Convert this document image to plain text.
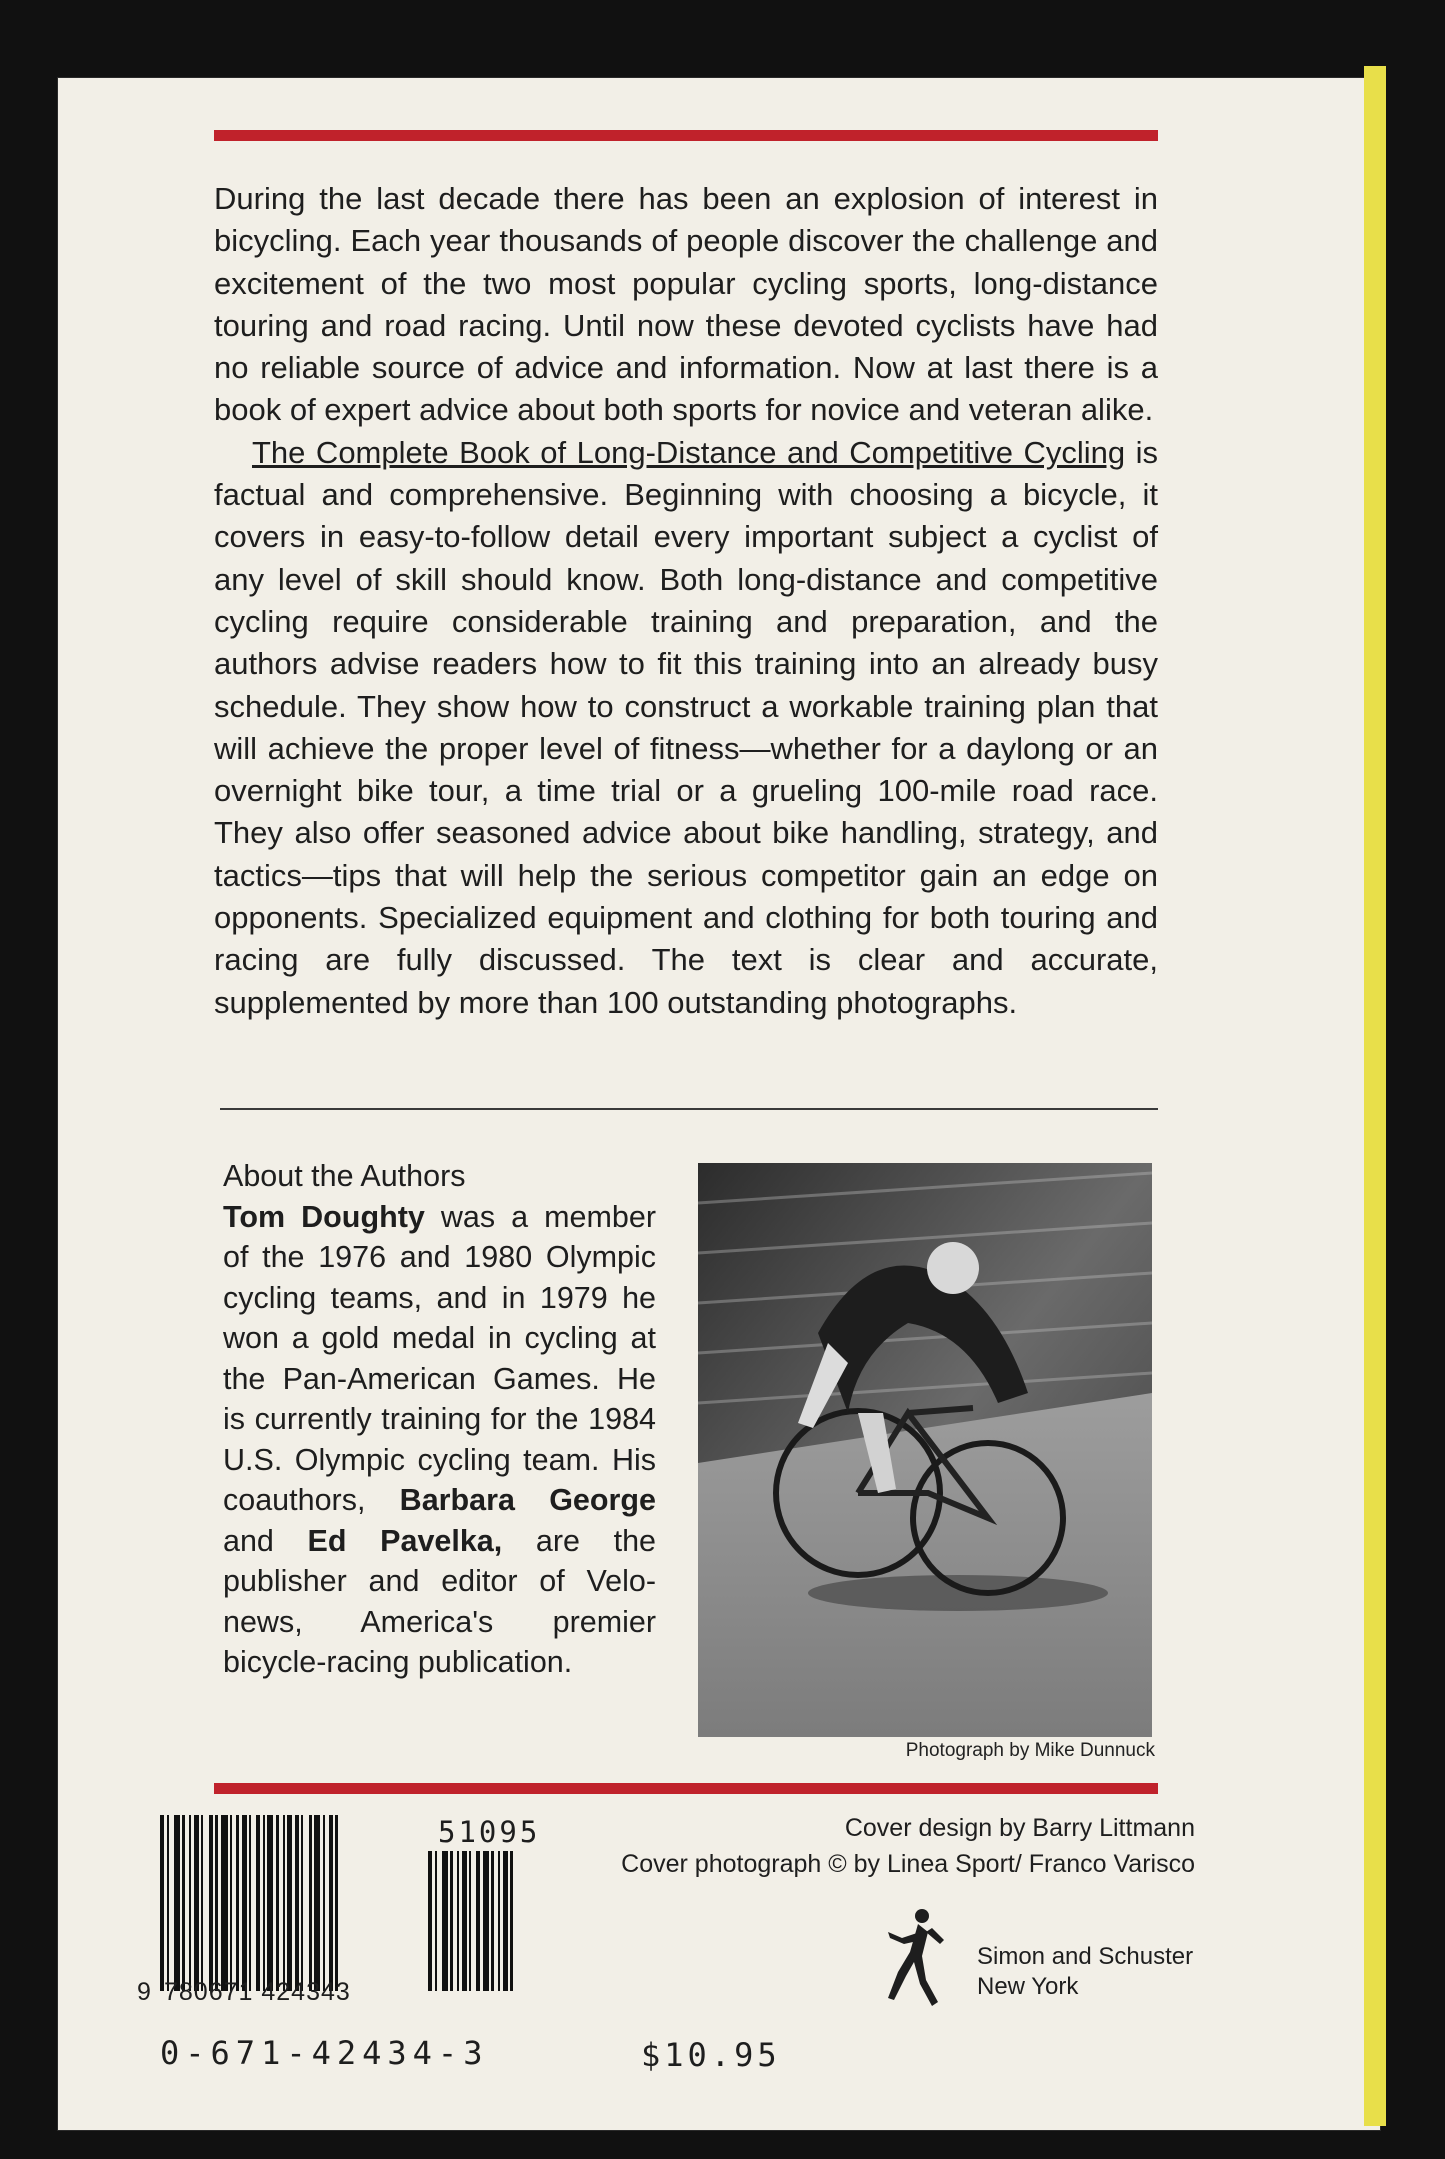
During the last decade there has been an explosion of interest in bicycling. Each year thousands of people discover the challenge and excitement of the two most popular cycling sports, long-distance touring and road racing. Until now these devoted cyclists have had no reliable source of advice and information. Now at last there is a book of expert advice about both sports for novice and veteran alike.

The Complete Book of Long-Distance and Competitive Cycling is factual and comprehensive. Beginning with choosing a bicycle, it covers in easy-to-follow detail every important subject a cyclist of any level of skill should know. Both long-distance and competitive cycling require considerable training and preparation, and the authors advise readers how to fit this training into an already busy schedule. They show how to construct a workable training plan that will achieve the proper level of fitness—whether for a daylong or an overnight bike tour, a time trial or a grueling 100-mile road race. They also offer seasoned advice about bike handling, strategy, and tactics—tips that will help the serious competitor gain an edge on opponents. Specialized equipment and clothing for both touring and racing are fully discussed. The text is clear and accurate, supplemented by more than 100 outstanding photographs.

About the Authors
Tom Doughty was a member of the 1976 and 1980 Olympic cycling teams, and in 1979 he won a gold medal in cycling at the Pan-American Games. He is currently training for the 1984 U.S. Olympic cycling team. His coauthors, Barbara George and Ed Pavelka, are the publisher and editor of Velo-news, America's premier bicycle-racing publication.
Photograph by Mike Dunnuck
51095
9 780671 424343
0-671-42434-3	$10.95
Cover design by Barry Littmann
Cover photograph © by Linea Sport/ Franco Varisco
Simon and Schuster
New York
